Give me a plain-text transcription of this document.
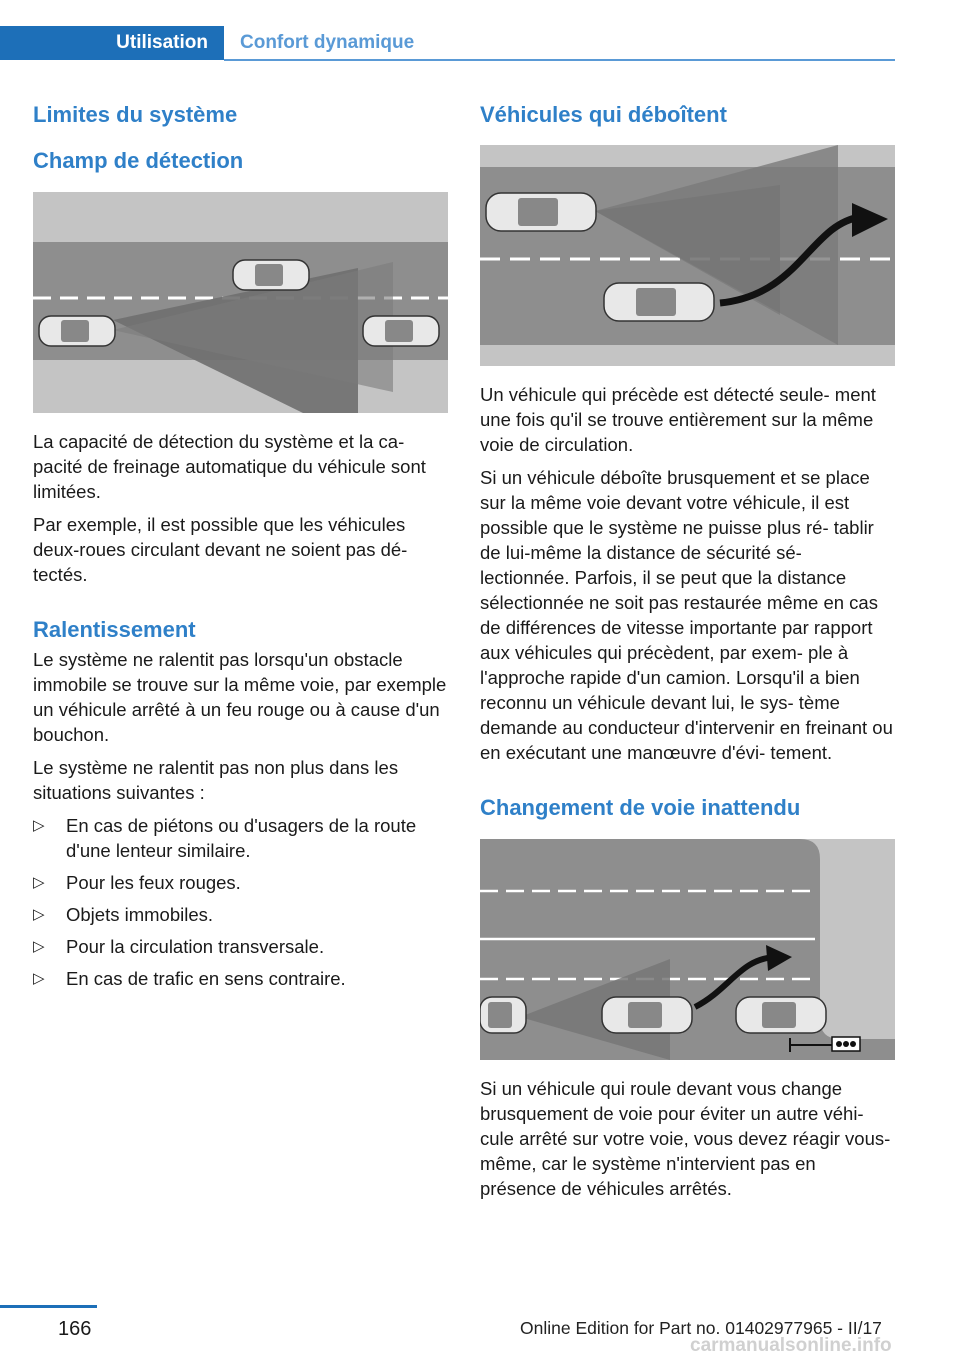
Utilisation	Confort dynamique
Limites du système
Champ de détection

La capacité de détection du système et la ca‐ pacité de freinage automatique du véhicule sont limitées.

Par exemple, il est possible que les véhicules deux-roues circulant devant ne soient pas dé‐ tectés.

Ralentissement

Le système ne ralentit pas lorsqu'un obstacle immobile se trouve sur la même voie, par exemple un véhicule arrêté à un feu rouge ou à cause d'un bouchon.

Le système ne ralentit pas non plus dans les situations suivantes :

▷ En cas de piétons ou d'usagers de la route d'une lenteur similaire.
▷ Pour les feux rouges.
▷ Objets immobiles.
▷ Pour la circulation transversale.
▷ En cas de trafic en sens contraire.
Véhicules qui déboîtent

Un véhicule qui précède est détecté seule‐ ment une fois qu'il se trouve entièrement sur la même voie de circulation.

Si un véhicule déboîte brusquement et se place sur la même voie devant votre véhicule, il est possible que le système ne puisse plus ré‐ tablir de lui-même la distance de sécurité sé‐ lectionnée. Parfois, il se peut que la distance sélectionnée ne soit pas restaurée même en cas de différences de vitesse importante par rapport aux véhicules qui précèdent, par exem‐ ple à l'approche rapide d'un camion. Lorsqu'il a bien reconnu un véhicule devant lui, le sys‐ tème demande au conducteur d'intervenir en freinant ou en exécutant une manœuvre d'évi‐ tement.

Changement de voie inattendu

Si un véhicule qui roule devant vous change brusquement de voie pour éviter un autre véhi‐ cule arrêté sur votre voie, vous devez réagir vous-même, car le système n'intervient pas en présence de véhicules arrêtés.

166	Online Edition for Part no. 01402977965 - II/17
carmanualsonline.info
